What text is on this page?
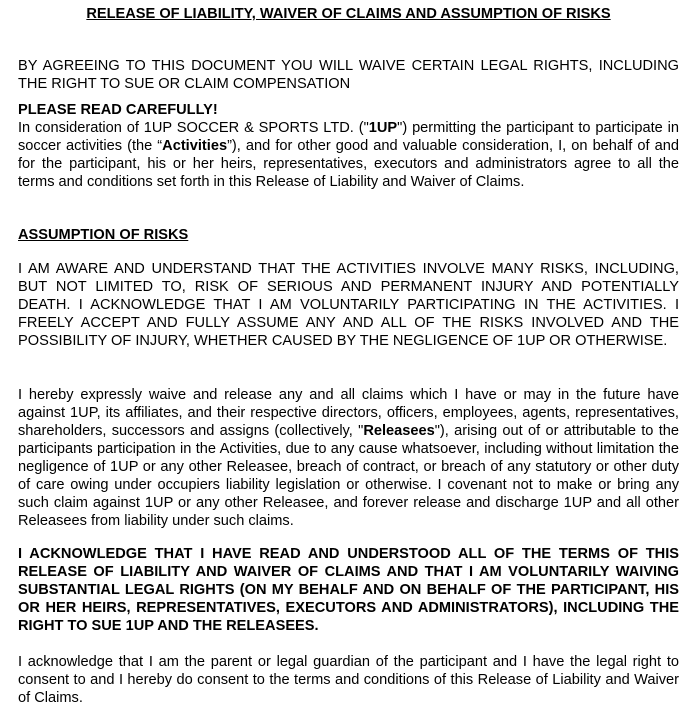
RELEASE OF LIABILITY, WAIVER OF CLAIMS AND ASSUMPTION OF RISKS

BY AGREEING TO THIS DOCUMENT YOU WILL WAIVE CERTAIN LEGAL RIGHTS, INCLUDING THE RIGHT TO SUE OR CLAIM COMPENSATION

PLEASE READ CAREFULLY!

In consideration of 1UP SOCCER & SPORTS LTD. ("1UP") permitting the participant to participate in soccer activities (the “Activities”), and for other good and valuable consideration, I, on behalf of and for the participant, his or her heirs, representatives, executors and administrators agree to all the terms and conditions set forth in this Release of Liability and Waiver of Claims.

ASSUMPTION OF RISKS

I AM AWARE AND UNDERSTAND THAT THE ACTIVITIES INVOLVE MANY RISKS, INCLUDING, BUT NOT LIMITED TO, RISK OF SERIOUS AND PERMANENT INJURY AND POTENTIALLY DEATH. I ACKNOWLEDGE THAT I AM VOLUNTARILY PARTICIPATING IN THE ACTIVITIES. I FREELY ACCEPT AND FULLY ASSUME ANY AND ALL OF THE RISKS INVOLVED AND THE POSSIBILITY OF INJURY, WHETHER CAUSED BY THE NEGLIGENCE OF 1UP OR OTHERWISE.

I hereby expressly waive and release any and all claims which I have or may in the future have against 1UP, its affiliates, and their respective directors, officers, employees, agents, representatives, shareholders, successors and assigns (collectively, "Releasees"), arising out of or attributable to the participants participation in the Activities, due to any cause whatsoever, including without limitation the negligence of 1UP or any other Releasee, breach of contract, or breach of any statutory or other duty of care owing under occupiers liability legislation or otherwise. I covenant not to make or bring any such claim against 1UP or any other Releasee, and forever release and discharge 1UP and all other Releasees from liability under such claims.

I ACKNOWLEDGE THAT I HAVE READ AND UNDERSTOOD ALL OF THE TERMS OF THIS RELEASE OF LIABILITY AND WAIVER OF CLAIMS AND THAT I AM VOLUNTARILY WAIVING SUBSTANTIAL LEGAL RIGHTS (ON MY BEHALF AND ON BEHALF OF THE PARTICIPANT, HIS OR HER HEIRS, REPRESENTATIVES, EXECUTORS AND ADMINISTRATORS), INCLUDING THE RIGHT TO SUE 1UP AND THE RELEASEES.

I acknowledge that I am the parent or legal guardian of the participant and I have the legal right to consent to and I hereby do consent to the terms and conditions of this Release of Liability and Waiver of Claims.
